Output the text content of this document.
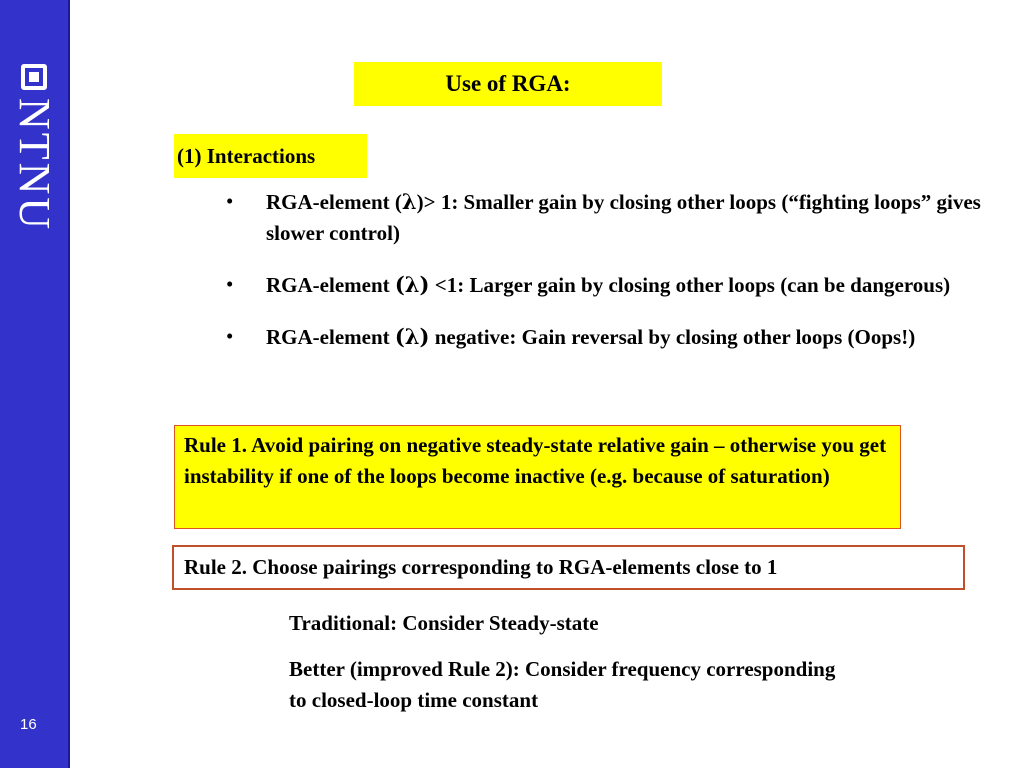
NTNU
16
Use of RGA:
(1) Interactions
• RGA-element (λ)> 1: Smaller gain by closing other loops (“fighting loops” gives slower control)
• RGA-element (λ) <1: Larger gain by closing other loops (can be dangerous)
• RGA-element (λ) negative: Gain reversal by closing other loops (Oops!)
Rule 1. Avoid pairing on negative steady-state relative gain – otherwise you get instability if one of the loops become inactive (e.g. because of saturation)
Rule 2. Choose pairings corresponding to RGA-elements close to 1
Traditional: Consider Steady-state
Better (improved Rule 2): Consider frequency corresponding to closed-loop time constant
